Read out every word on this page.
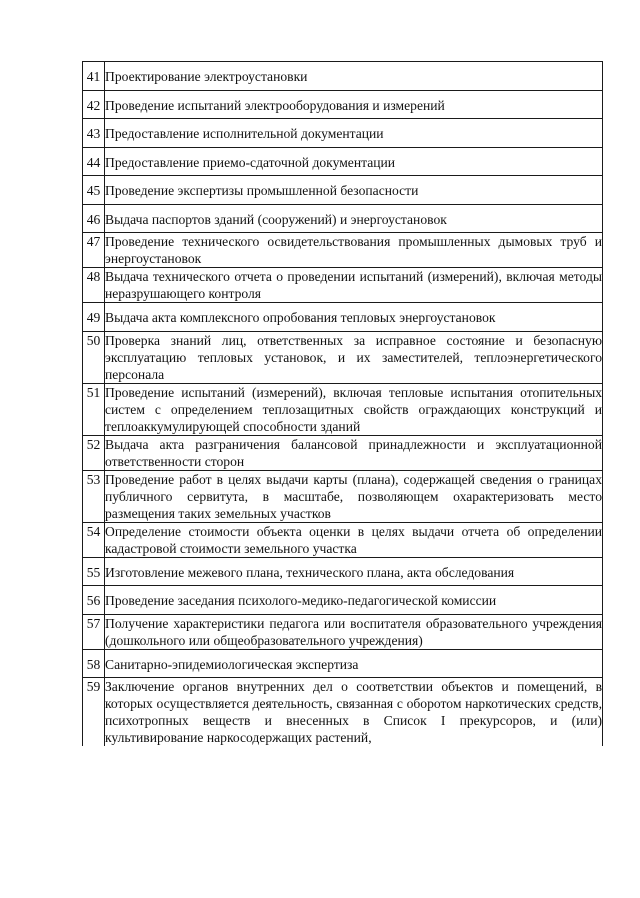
41	Проектирование электроустановки
42	Проведение испытаний электрооборудования и измерений
43	Предоставление исполнительной документации
44	Предоставление приемо-сдаточной документации
45	Проведение экспертизы промышленной безопасности
46	Выдача паспортов зданий (сооружений) и энергоустановок
47	Проведение технического освидетельствования промышленных дымовых труб и энергоустановок
48	Выдача технического отчета о проведении испытаний (измерений), включая методы неразрушающего контроля
49	Выдача акта комплексного опробования тепловых энергоустановок
50	Проверка знаний лиц, ответственных за исправное состояние и безопасную эксплуатацию тепловых установок, и их заместителей, теплоэнергетического персонала
51	Проведение испытаний (измерений), включая тепловые испытания отопительных систем с определением теплозащитных свойств ограждающих конструкций и теплоаккумулирующей способности зданий
52	Выдача акта разграничения балансовой принадлежности и эксплуатационной ответственности сторон
53	Проведение работ в целях выдачи карты (плана), содержащей сведения о границах публичного сервитута, в масштабе, позволяющем охарактеризовать место размещения таких земельных участков
54	Определение стоимости объекта оценки в целях выдачи отчета об определении кадастровой стоимости земельного участка
55	Изготовление межевого плана, технического плана, акта обследования
56	Проведение заседания психолого-медико-педагогической комиссии
57	Получение характеристики педагога или воспитателя образовательного учреждения (дошкольного или общеобразовательного учреждения)
58	Санитарно-эпидемиологическая экспертиза
59	Заключение органов внутренних дел о соответствии объектов и помещений, в которых осуществляется деятельность, связанная с оборотом наркотических средств, психотропных веществ и внесенных в Список I прекурсоров, и (или) культивирование наркосодержащих растений,
